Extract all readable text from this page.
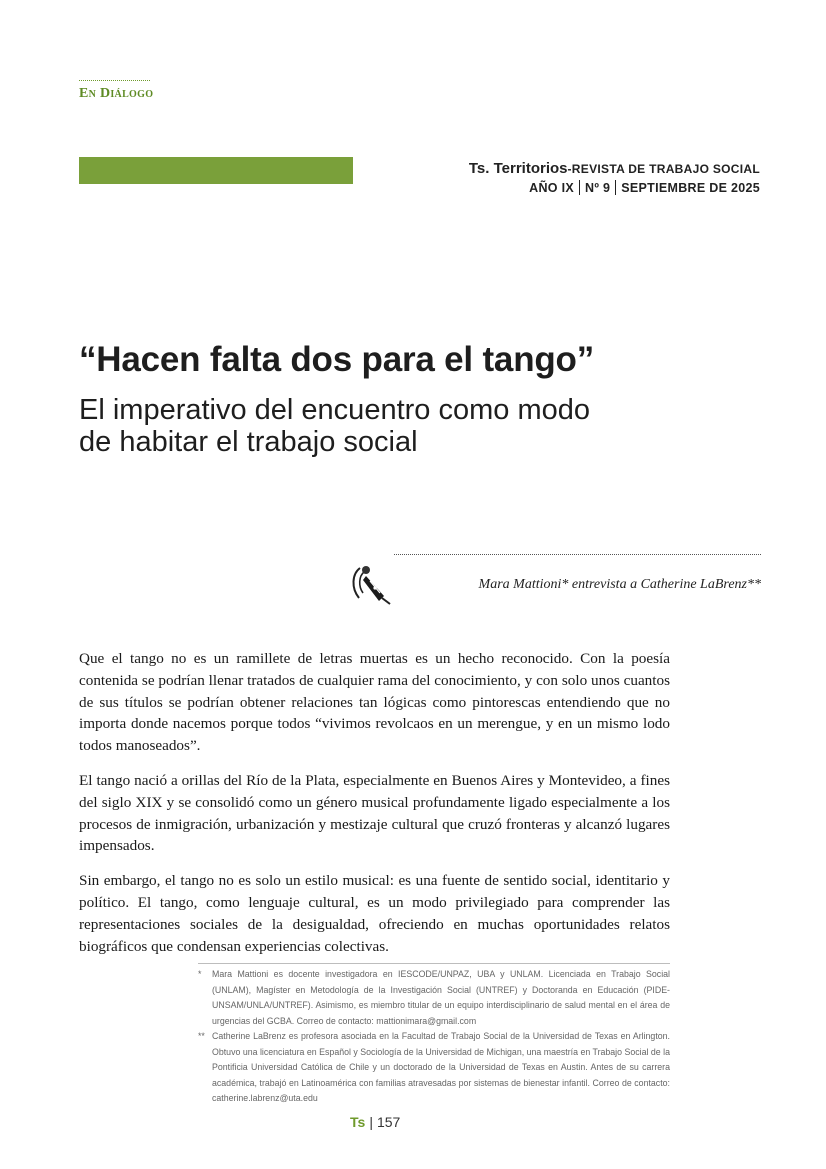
En Diálogo
Ts. Territorios-REVISTA DE TRABAJO SOCIAL
AÑO IX Nº 9 SEPTIEMBRE DE 2025
“Hacen falta dos para el tango”
El imperativo del encuentro como modo
de habitar el trabajo social

Mara Mattioni* entrevista a Catherine LaBrenz**

Que el tango no es un ramillete de letras muertas es un hecho reconocido. Con la poesía contenida se podrían llenar tratados de cualquier rama del conocimiento, y con solo unos cuantos de sus títulos se podrían obtener relaciones tan lógicas como pintorescas entendiendo que no importa donde nacemos porque todos “vivimos revolcaos en un merengue, y en un mismo lodo todos manoseados”.

El tango nació a orillas del Río de la Plata, especialmente en Buenos Aires y Montevideo, a fines del siglo XIX y se consolidó como un género musical profundamente ligado especialmente a los procesos de inmigración, urbanización y mestizaje cultural que cruzó fronteras y alcanzó lugares impensados.

Sin embargo, el tango no es solo un estilo musical: es una fuente de sentido social, identitario y político. El tango, como lenguaje cultural, es un modo privilegiado para comprender las representaciones sociales de la desigualdad, ofreciendo en muchas oportunidades relatos biográficos que condensan experiencias colectivas.

* Mara Mattioni es docente investigadora en IESCODE/UNPAZ, UBA y UNLAM. Licenciada en Trabajo Social (UNLAM), Magíster en Metodología de la Investigación Social (UNTREF) y Doctoranda en Educación (PIDE-UNSAM/UNLA/UNTREF). Asimismo, es miembro titular de un equipo interdisciplinario de salud mental en el área de urgencias del GCBA. Correo de contacto: mattionimara@gmail.com
** Catherine LaBrenz es profesora asociada en la Facultad de Trabajo Social de la Universidad de Texas en Arlington. Obtuvo una licenciatura en Español y Sociología de la Universidad de Michigan, una maestría en Trabajo Social de la Pontificia Universidad Católica de Chile y un doctorado de la Universidad de Texas en Austin. Antes de su carrera académica, trabajó en Latinoamérica con familias atravesadas por sistemas de bienestar infantil. Correo de contacto: catherine.labrenz@uta.edu

Ts | 157
